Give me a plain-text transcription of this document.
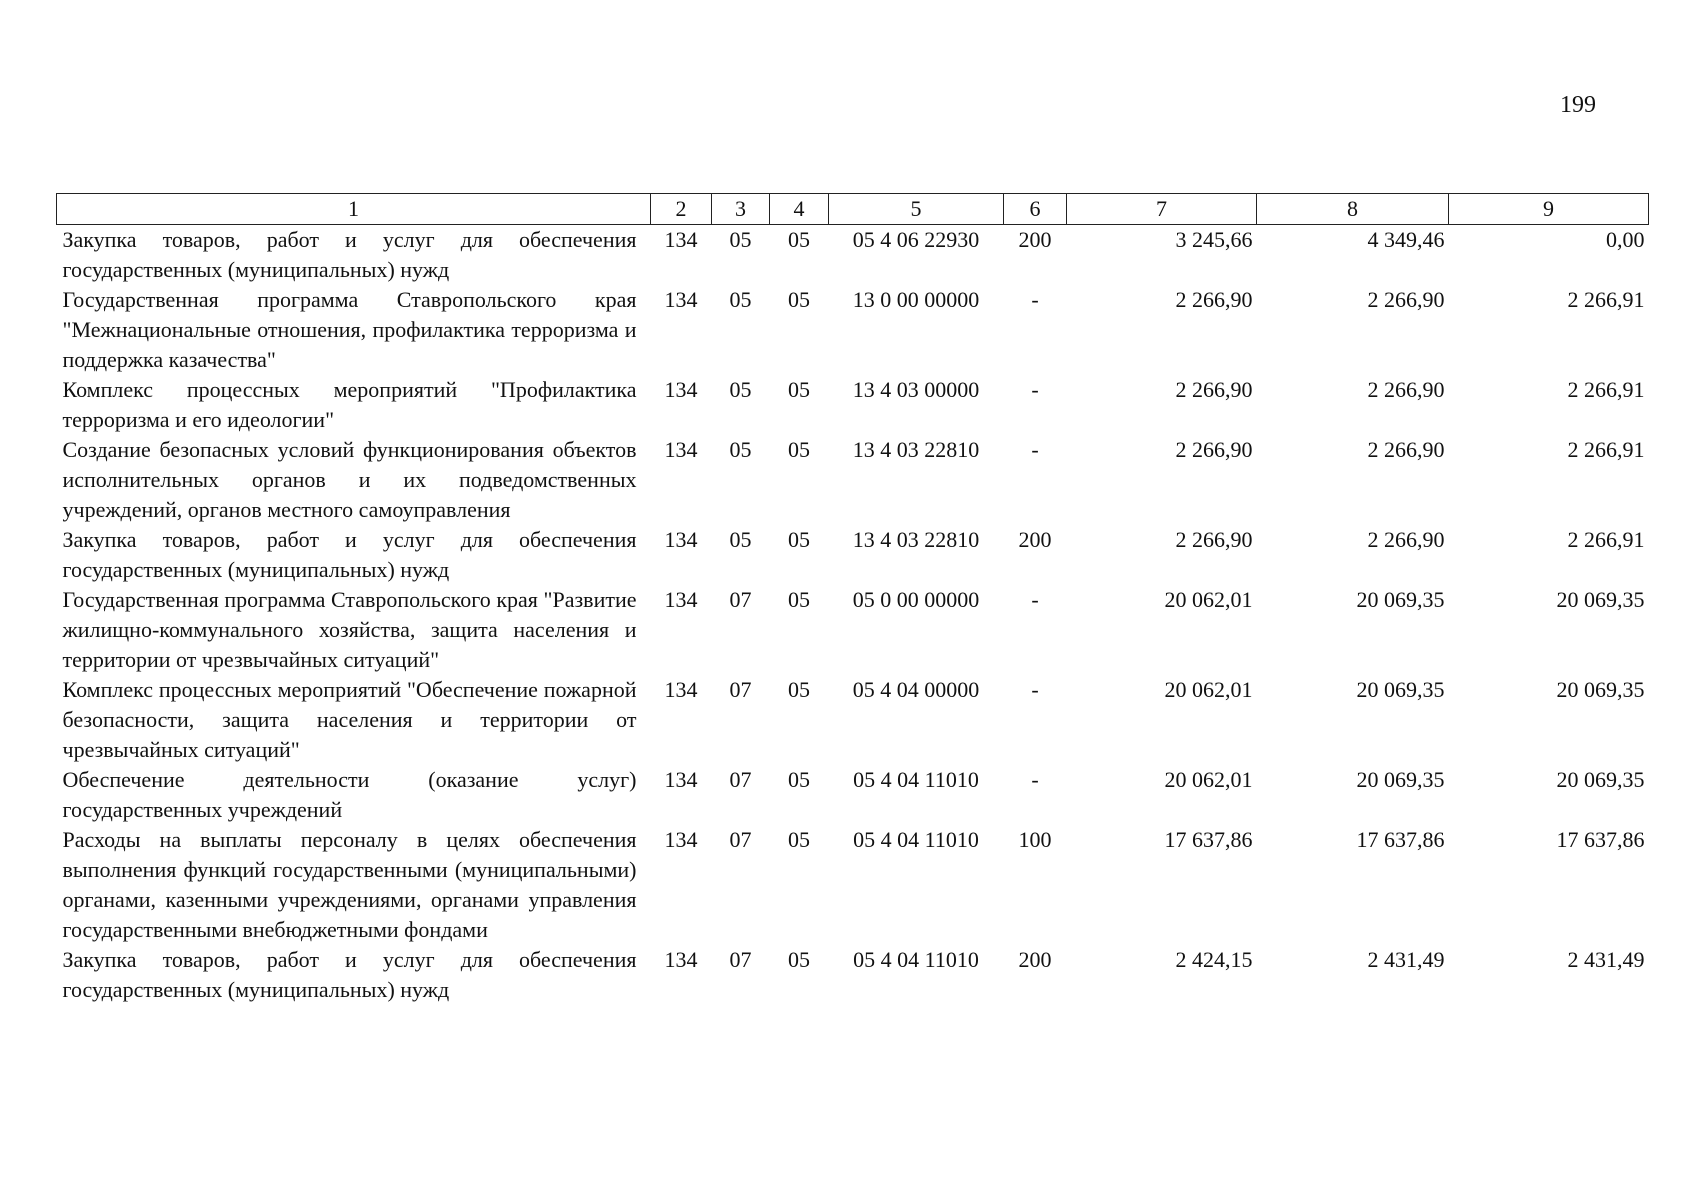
199
1	2	3	4	5	6	7	8	9
Закупка товаров, работ и услуг для обеспечения государственных (муниципальных) нужд	134	05	05	05 4 06 22930	200	3 245,66	4 349,46	0,00
Государственная программа Ставропольского края "Межнациональные отношения, профилактика терроризма и поддержка казачества"	134	05	05	13 0 00 00000	-	2 266,90	2 266,90	2 266,91
Комплекс процессных мероприятий "Профилактика терроризма и его идеологии"	134	05	05	13 4 03 00000	-	2 266,90	2 266,90	2 266,91
Создание безопасных условий функционирования объектов исполнительных органов и их подведомственных учреждений, органов местного самоуправления	134	05	05	13 4 03 22810	-	2 266,90	2 266,90	2 266,91
Закупка товаров, работ и услуг для обеспечения государственных (муниципальных) нужд	134	05	05	13 4 03 22810	200	2 266,90	2 266,90	2 266,91
Государственная программа Ставропольского края "Развитие жилищно-коммунального хозяйства, защита населения и территории от чрезвычайных ситуаций"	134	07	05	05 0 00 00000	-	20 062,01	20 069,35	20 069,35
Комплекс процессных мероприятий "Обеспечение пожарной безопасности, защита населения и территории от чрезвычайных ситуаций"	134	07	05	05 4 04 00000	-	20 062,01	20 069,35	20 069,35
Обеспечение деятельности (оказание услуг) государственных учреждений	134	07	05	05 4 04 11010	-	20 062,01	20 069,35	20 069,35
Расходы на выплаты персоналу в целях обеспечения выполнения функций государственными (муниципальными) органами, казенными учреждениями, органами управления государственными внебюджетными фондами	134	07	05	05 4 04 11010	100	17 637,86	17 637,86	17 637,86
Закупка товаров, работ и услуг для обеспечения государственных (муниципальных) нужд	134	07	05	05 4 04 11010	200	2 424,15	2 431,49	2 431,49
